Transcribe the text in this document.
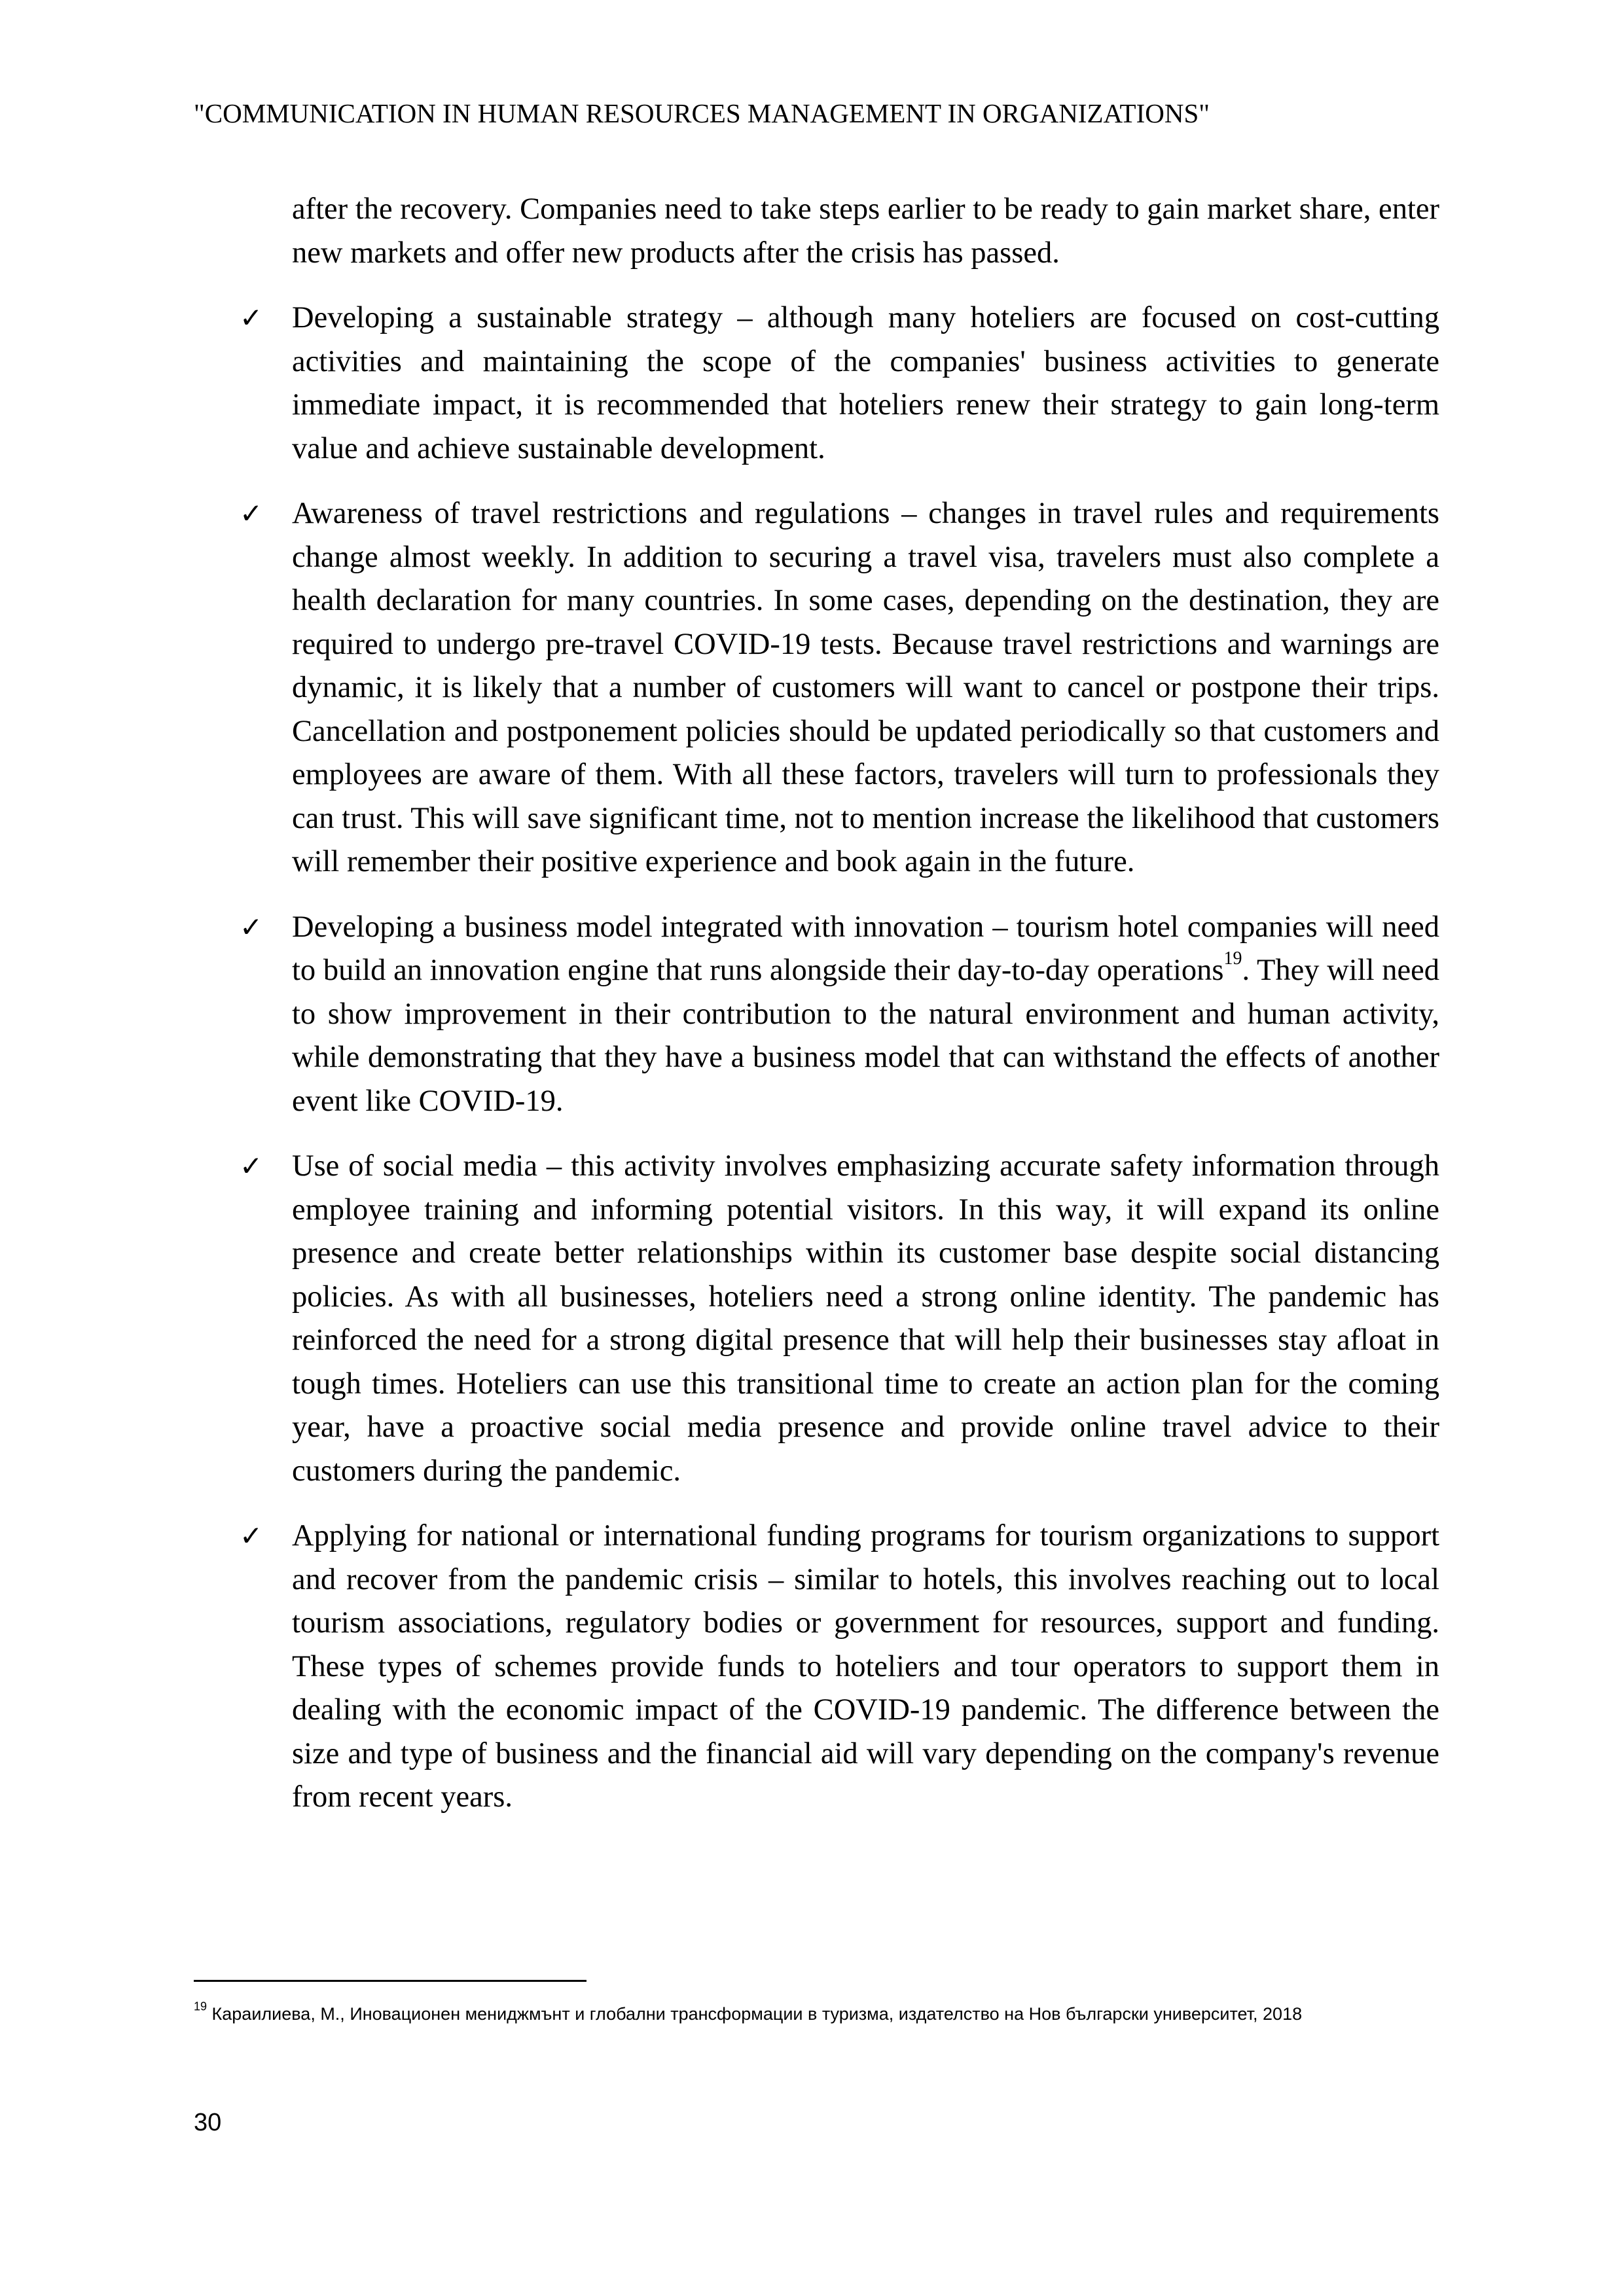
"COMMUNICATION IN HUMAN RESOURCES MANAGEMENT IN ORGANIZATIONS"

after the recovery. Companies need to take steps earlier to be ready to gain market share, enter new markets and offer new products after the crisis has passed.

✓ Developing a sustainable strategy – although many hoteliers are focused on cost-cutting activities and maintaining the scope of the companies' business activities to generate immediate impact, it is recommended that hoteliers renew their strategy to gain long-term value and achieve sustainable development.
✓ Awareness of travel restrictions and regulations – changes in travel rules and requirements change almost weekly. In addition to securing a travel visa, travelers must also complete a health declaration for many countries. In some cases, depending on the destination, they are required to undergo pre-travel COVID-19 tests. Because travel restrictions and warnings are dynamic, it is likely that a number of customers will want to cancel or postpone their trips. Cancellation and postponement policies should be updated periodically so that customers and employees are aware of them. With all these factors, travelers will turn to professionals they can trust. This will save significant time, not to mention increase the likelihood that customers will remember their positive experience and book again in the future.
✓ Developing a business model integrated with innovation – tourism hotel companies will need to build an innovation engine that runs alongside their day-to-day operations$^{19}$. They will need to show improvement in their contribution to the natural environment and human activity, while demonstrating that they have a business model that can withstand the effects of another event like COVID-19.
✓ Use of social media – this activity involves emphasizing accurate safety information through employee training and informing potential visitors. In this way, it will expand its online presence and create better relationships within its customer base despite social distancing policies. As with all businesses, hoteliers need a strong online identity. The pandemic has reinforced the need for a strong digital presence that will help their businesses stay afloat in tough times. Hoteliers can use this transitional time to create an action plan for the coming year, have a proactive social media presence and provide online travel advice to their customers during the pandemic.
✓ Applying for national or international funding programs for tourism organizations to support and recover from the pandemic crisis – similar to hotels, this involves reaching out to local tourism associations, regulatory bodies or government for resources, support and funding. These types of schemes provide funds to hoteliers and tour operators to support them in dealing with the economic impact of the COVID-19 pandemic. The difference between the size and type of business and the financial aid will vary depending on the company's revenue from recent years.
$^{19}$ Караилиева, М., Иновационен мениджмънт и глобални трансформации в туризма, издателство на Нов български университет, 2018
30
